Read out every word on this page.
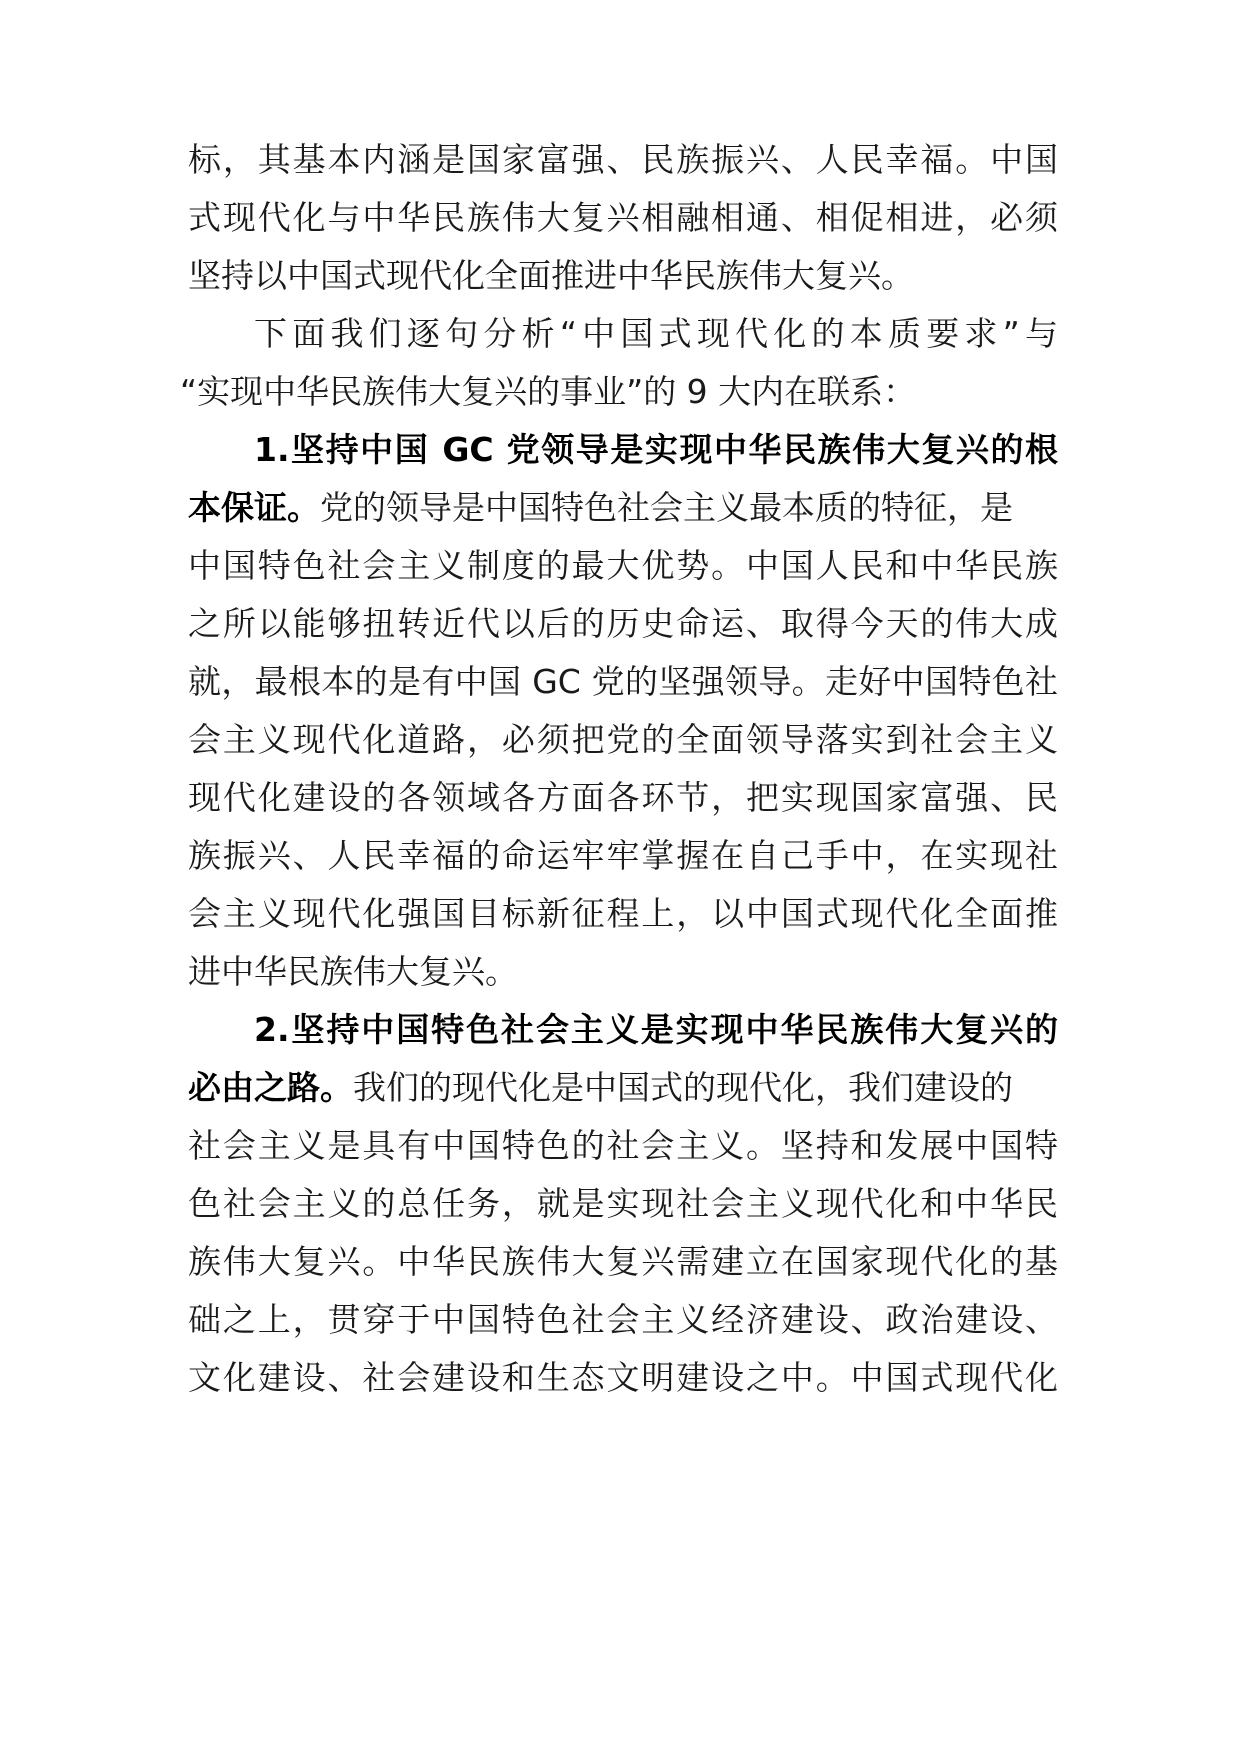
标，其基本内涵是国家富强、民族振兴、人民幸福。中国
式现代化与中华民族伟大复兴相融相通、相促相进，必须
坚持以中国式现代化全面推进中华民族伟大复兴。
下面我们逐句分析“中国式现代化的本质要求”与
“实现中华民族伟大复兴的事业”的 9 大内在联系：
1.坚持中国 GC 党领导是实现中华民族伟大复兴的根
本保证。党的领导是中国特色社会主义最本质的特征，是
中国特色社会主义制度的最大优势。中国人民和中华民族
之所以能够扭转近代以后的历史命运、取得今天的伟大成
就，最根本的是有中国 GC 党的坚强领导。走好中国特色社
会主义现代化道路，必须把党的全面领导落实到社会主义
现代化建设的各领域各方面各环节，把实现国家富强、民
族振兴、人民幸福的命运牢牢掌握在自己手中，在实现社
会主义现代化强国目标新征程上，以中国式现代化全面推
进中华民族伟大复兴。
2.坚持中国特色社会主义是实现中华民族伟大复兴的
必由之路。我们的现代化是中国式的现代化，我们建设的
社会主义是具有中国特色的社会主义。坚持和发展中国特
色社会主义的总任务，就是实现社会主义现代化和中华民
族伟大复兴。中华民族伟大复兴需建立在国家现代化的基
础之上，贯穿于中国特色社会主义经济建设、政治建设、
文化建设、社会建设和生态文明建设之中。中国式现代化
